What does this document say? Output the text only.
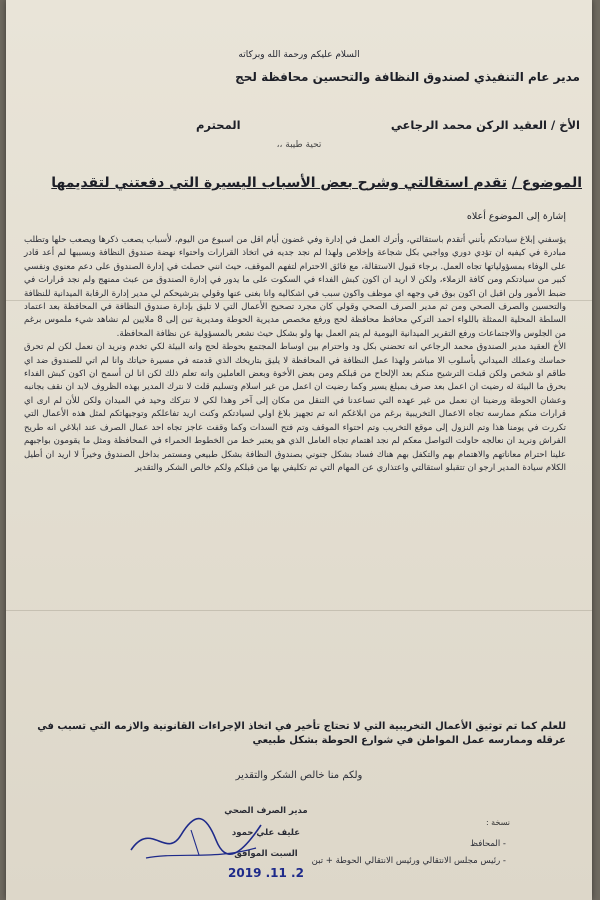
السلام عليكم ورحمة الله وبركاته
مدير عام التنفيذي لصندوق النظافة والتحسين محافظة لحج
الأخ / العقيد الركن محمد الرجاعي
المحترم
تحية طيبة ،،
الموضوع / تقدم استقالتي وشرح بعض الأسباب اليسيرة التي دفعتني لتقديمها
إشارة إلى الموضوع أعلاه

يؤسفني إبلاغ سيادتكم بأنني أتقدم باستقالتي، وأترك العمل في إدارة وفي غضون أيام اقل من اسبوع من اليوم، لأسباب يصعب ذكرها ويصعب حلها وتطلب مبادرة في كيفيه ان تؤدي دوري وواجبي بكل شجاعة وإخلاص ولهذا لم نجد جديه في اتخاذ القرارات واحتواء نهضة صندوق النظافة وبسببها لم أعد قادر على الوفاء بمسؤولياتها تجاه العمل. برجاء قبول الاستقالة، مع فائق الاحترام لتفهم الموقف، حيث انني حصلت في إدارة الصندوق على دعم معنوي ونفسي كبير من سيادتكم ومن كافة الزملاء، ولكن لا اريد ان اكون كبش الفداء في السكوت على ما يدور في إدارة الصندوق من عبث ممنهج ولم نجد قرارات في ضبط الأمور ولن اقبل ان اكون بوق في وجهه اي موظف واكون سبب في اشكاليه وانا بغنى عنها وقولي بترشيحكم لي مدير إدارة الرقابة الميدانية للنظافة والتحسين والصرف الصحي ومن ثم مدير الصرف الصحي وقولي كان مجرد تصحيح الأعمال التي لا تليق بإدارة صندوق النظافة في المحافظة بعد اعتماد السلطة المحلية الممثلة باللواء احمد التركي محافظ محافظة لحج ورفع مخصص مديرية الحوطة ومديرية تبن إلى 8 ملايين لم نشاهد شيء ملموس برغم من الجلوس والاجتماعات ورفع التقرير الميدانية اليومية لم يتم العمل بها ولو بشكل حيث نشعر بالمسؤولية عن نظافة المحافظة.

الأخ العقيد مدير الصندوق محمد الرجاعي انه تحضني بكل ود واحترام بين اوساط المجتمع بحوطة لحج وانه البيئة لكي تخدم ونريد ان نعمل لكن لم تحرق حماسك وعملك الميداني بأسلوب الا مباشر ولهذا عمل النظافة في المحافظة لا يليق بتاريخك الذي قدمته في مسيرة حياتك وانا لم اتي للصندوق ضد اي طاقم او شخص ولكن قبلت الترشيح منكم بعد الإلحاح من قبلكم ومن بعض الأخوة وبعض العاملين وانه تعلم ذلك لكن انا لن أسمح ان اكون كبش الفداء بحرق ما البيئة له رضيت ان اعمل بعد صرف بمبلغ يسير وكما رضيت ان اعمل من غير اسلام وتسليم قلت لا نترك المدير بهذه الظروف لابد ان نقف بجانبه وعشان الحوطة ورضينا ان نعمل من غير عهده التي تساعدنا في التنقل من مكان إلى آخر وهذا لكي لا نتركك وحيد في الميدان ولكن للأن لم ارى اي قرارات منكم ممارسه تجاه الاعمال التخريبية برغم من ابلاغكم انه تم تجهيز بلاغ اولي لسيادتكم وكنت اريد تفاعلكم وتوجيهاتكم لمثل هذه الأعمال التي تكررت في يومنا هذا وتم النزول إلى موقع التخريب وتم احتواء الموقف وتم فتح السدات وكما وقفت عاجز تجاه احد عمال الصرف عند ابلاغي انه طريح الفراش ونريد ان نعالجه حاولت التواصل معكم لم نجد اهتمام تجاه العامل الذي هو يعتبر خط من الخطوط الحمراء في المحافظة ومثل ما يقومون بواجبهم علينا احترام معاناتهم والاهتمام بهم والتكفل بهم هناك فساد بشكل جنوني بصندوق النظافة بشكل طبيعي ومستمر بداخل الصندوق وخيراً لا اريد ان أطيل الكلام سيادة المدير ارجو ان تتقبلو استقالتي واعتذاري عن المهام التي تم تكليفي بها من قبلكم ولكم خالص الشكر والتقدير

للعلم كما تم توثيق الأعمال التخريبية التي لا تحتاج تأخير في اتخاذ الإجراءات القانونية والازمه التي تسبب في عرقله وممارسه عمل المواطن في شوارع الحوطة بشكل طبيعي
ولكم منا خالص الشكر والتقدير
مدير الصرف الصحي
عليف علي حمود
السبت الموافق
2019 .11 .2
نسخة :
- المحافظ
- رئيس مجلس الانتقالي ورئيس الانتقالي الحوطة + تبن
